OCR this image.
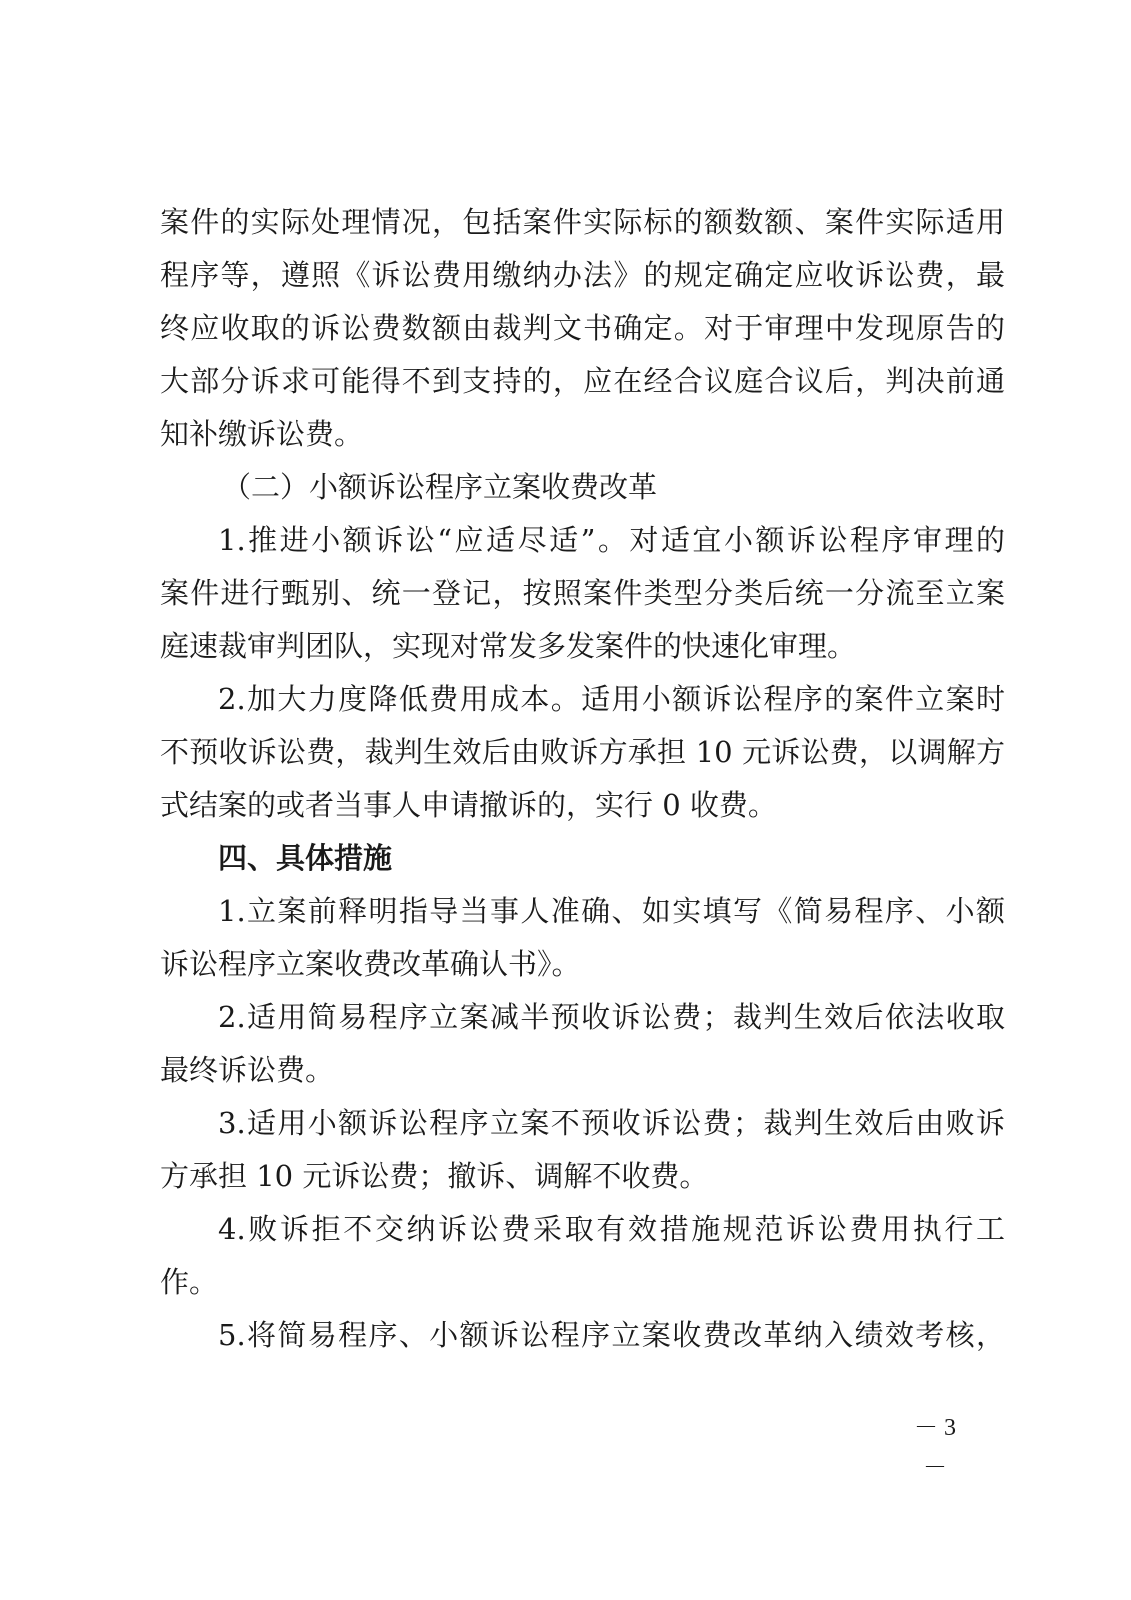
案件的实际处理情况，包括案件实际标的额数额、案件实际适用
程序等，遵照《诉讼费用缴纳办法》的规定确定应收诉讼费，最
终应收取的诉讼费数额由裁判文书确定。对于审理中发现原告的
大部分诉求可能得不到支持的，应在经合议庭合议后，判决前通
知补缴诉讼费。
（二）小额诉讼程序立案收费改革
1.推进小额诉讼“应适尽适”。对适宜小额诉讼程序审理的
案件进行甄别、统一登记，按照案件类型分类后统一分流至立案
庭速裁审判团队，实现对常发多发案件的快速化审理。
2.加大力度降低费用成本。适用小额诉讼程序的案件立案时
不预收诉讼费，裁判生效后由败诉方承担 10 元诉讼费，以调解方
式结案的或者当事人申请撤诉的，实行 0 收费。
四、具体措施
1.立案前释明指导当事人准确、如实填写《简易程序、小额
诉讼程序立案收费改革确认书》。
2.适用简易程序立案减半预收诉讼费；裁判生效后依法收取
最终诉讼费。
3.适用小额诉讼程序立案不预收诉讼费；裁判生效后由败诉
方承担 10 元诉讼费；撤诉、调解不收费。
4.败诉拒不交纳诉讼费采取有效措施规范诉讼费用执行工
作。
5.将简易程序、小额诉讼程序立案收费改革纳入绩效考核，
－ 3 －
